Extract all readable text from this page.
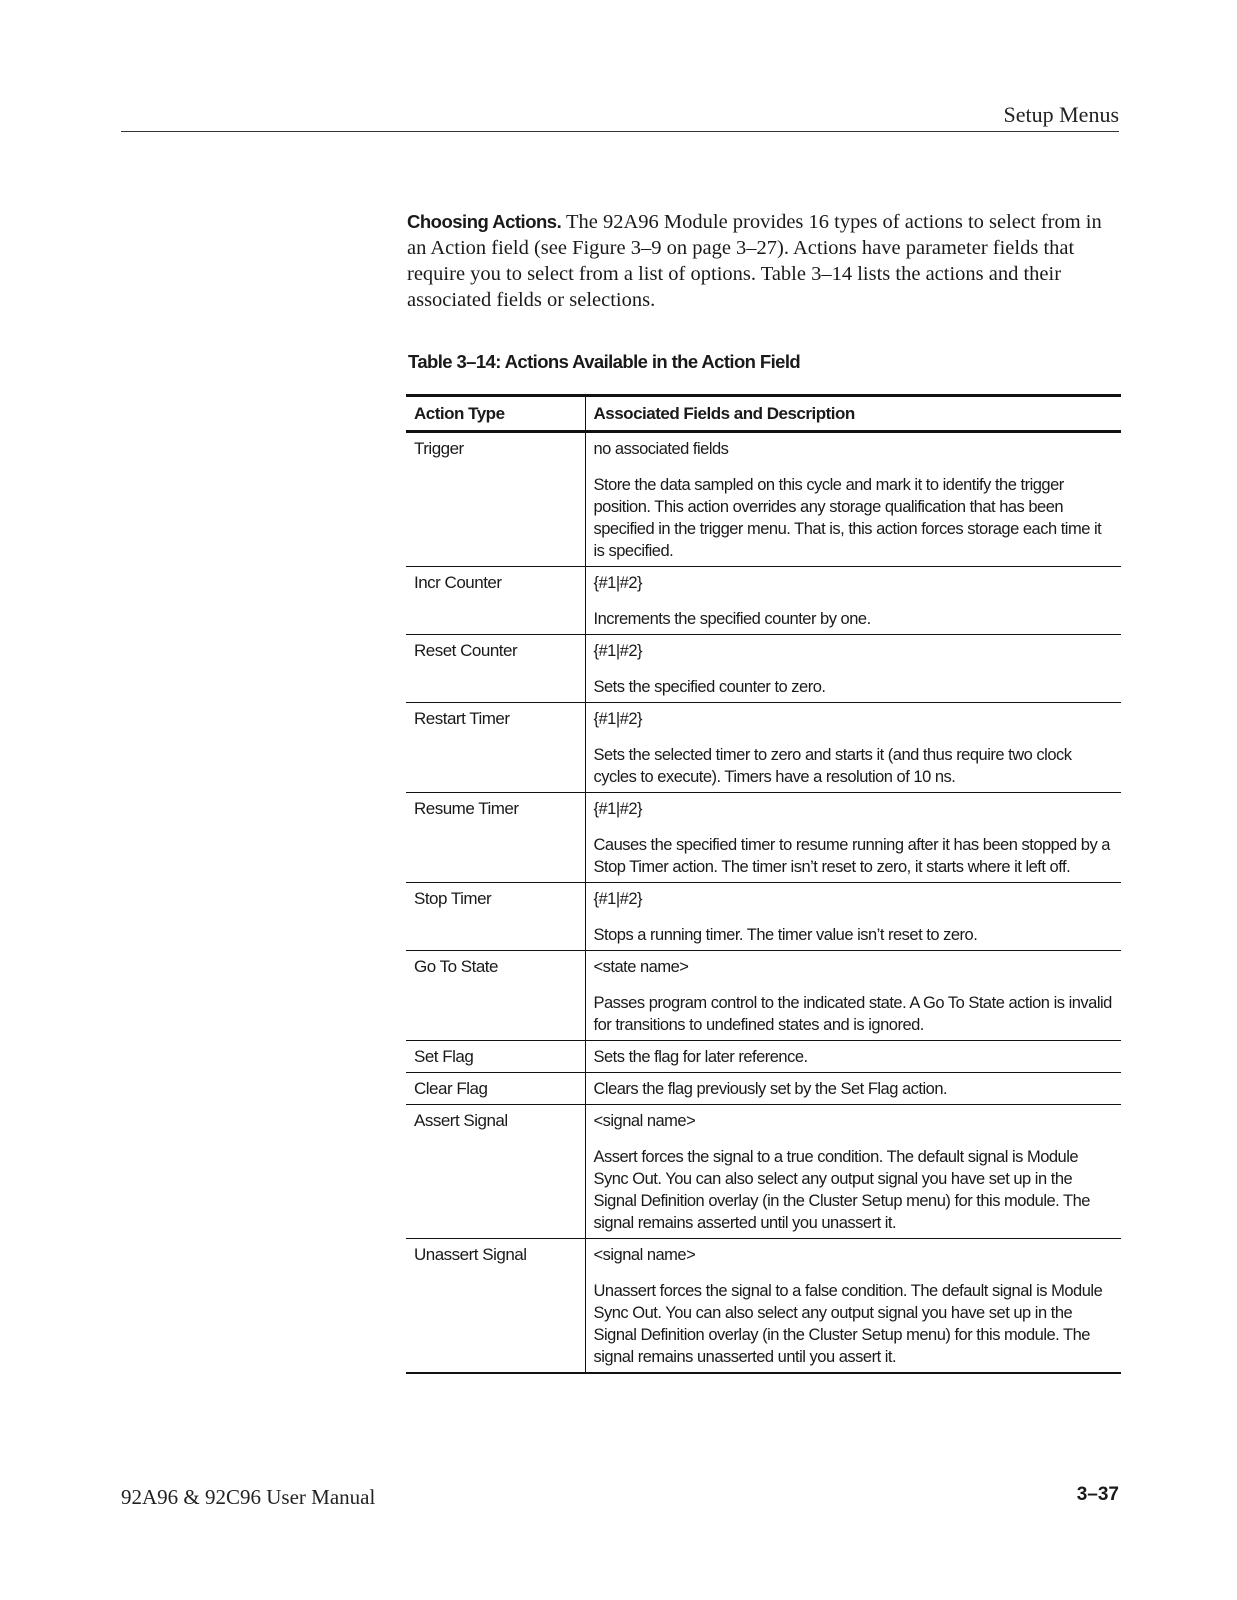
Setup Menus

Choosing Actions. The 92A96 Module provides 16 types of actions to select from in an Action field (see Figure 3–9 on page 3–27). Actions have parameter fields that require you to select from a list of options. Table 3–14 lists the actions and their associated fields or selections.

Table 3–14: Actions Available in the Action Field
Action Type	Associated Fields and Description
Trigger	no associated fields
Store the data sampled on this cycle and mark it to identify the trigger position. This action overrides any storage qualification that has been specified in the trigger menu. That is, this action forces storage each time it is specified.

Incr Counter	{#1|#2}
Increments the specified counter by one.

Reset Counter	{#1|#2}
Sets the specified counter to zero.

Restart Timer	{#1|#2}
Sets the selected timer to zero and starts it (and thus require two clock cycles to execute). Timers have a resolution of 10 ns.

Resume Timer	{#1|#2}
Causes the specified timer to resume running after it has been stopped by a Stop Timer action. The timer isn’t reset to zero, it starts where it left off.

Stop Timer	{#1|#2}
Stops a running timer. The timer value isn’t reset to zero.

Go To State	<state name>
Passes program control to the indicated state. A Go To State action is invalid for transitions to undefined states and is ignored.

Set Flag	Sets the flag for later reference.

Clear Flag	Clears the flag previously set by the Set Flag action.

Assert Signal	<signal name>
Assert forces the signal to a true condition. The default signal is Module Sync Out. You can also select any output signal you have set up in the Signal Definition overlay (in the Cluster Setup menu) for this module. The signal remains asserted until you unassert it.

Unassert Signal	<signal name>
Unassert forces the signal to a false condition. The default signal is Module Sync Out. You can also select any output signal you have set up in the Signal Definition overlay (in the Cluster Setup menu) for this module. The signal remains unasserted until you assert it.
92A96 & 92C96 User Manual	3–37
